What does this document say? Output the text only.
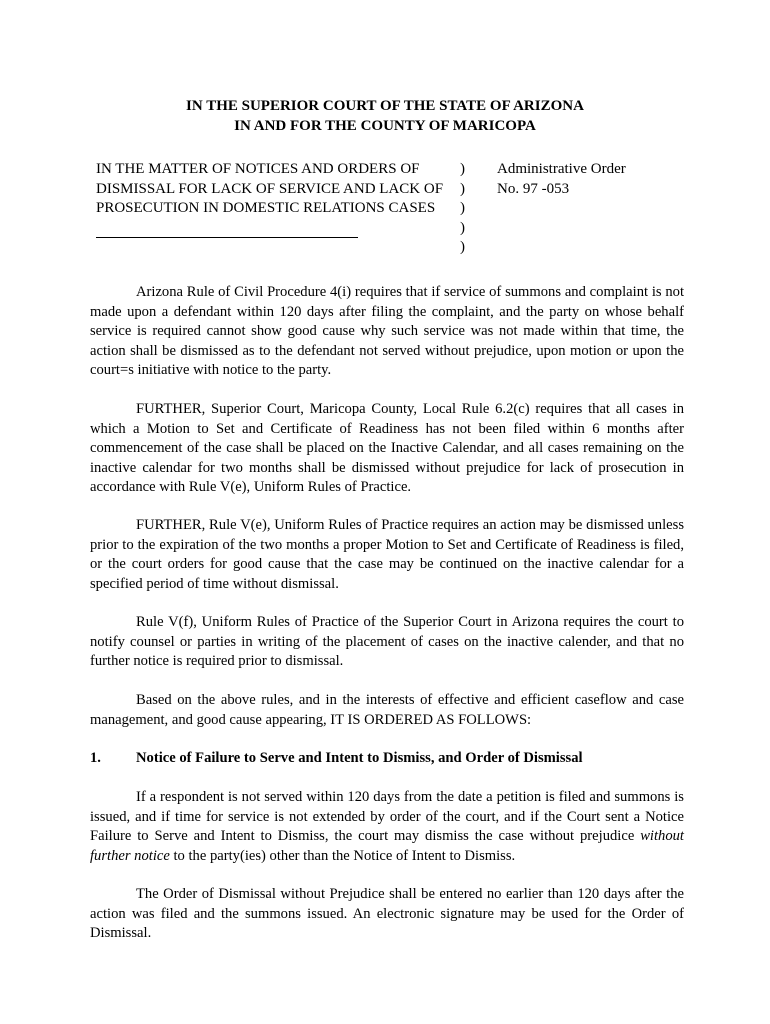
IN THE SUPERIOR COURT OF THE STATE OF ARIZONA
IN AND FOR THE COUNTY OF MARICOPA
IN THE MATTER OF NOTICES AND ORDERS OF
DISMISSAL FOR LACK OF SERVICE AND LACK OF
PROSECUTION IN DOMESTIC RELATIONS CASES
)
)
)
)
)
Administrative Order
No. 97 -053

Arizona Rule of Civil Procedure 4(i) requires that if service of summons and complaint is not made upon a defendant within 120 days after filing the complaint, and the party on whose behalf service is required cannot show good cause why such service was not made within that time, the action shall be dismissed as to the defendant not served without prejudice, upon motion or upon the court=s initiative with notice to the party.

FURTHER, Superior Court, Maricopa County, Local Rule 6.2(c) requires that all cases in which a Motion to Set and Certificate of Readiness has not been filed within 6 months after commencement of the case shall be placed on the Inactive Calendar, and all cases remaining on the inactive calendar for two months shall be dismissed without prejudice for lack of prosecution in accordance with Rule V(e), Uniform Rules of Practice.

FURTHER, Rule V(e), Uniform Rules of Practice requires an action may be dismissed unless prior to the expiration of the two months a proper Motion to Set and Certificate of Readiness is filed, or the court orders for good cause that the case may be continued on the inactive calendar for a specified period of time without dismissal.

Rule V(f), Uniform Rules of Practice of the Superior Court in Arizona requires the court to notify counsel or parties in writing of the placement of cases on the inactive calender, and that no further notice is required prior to dismissal.

Based on the above rules, and in the interests of effective and efficient caseflow and case management, and good cause appearing, IT IS ORDERED AS FOLLOWS:

1. Notice of Failure to Serve and Intent to Dismiss, and Order of Dismissal

If a respondent is not served within 120 days from the date a petition is filed and summons is issued, and if time for service is not extended by order of the court, and if the Court sent a Notice Failure to Serve and Intent to Dismiss, the court may dismiss the case without prejudice without further notice to the party(ies) other than the Notice of Intent to Dismiss.

The Order of Dismissal without Prejudice shall be entered no earlier than 120 days after the action was filed and the summons issued. An electronic signature may be used for the Order of Dismissal.
